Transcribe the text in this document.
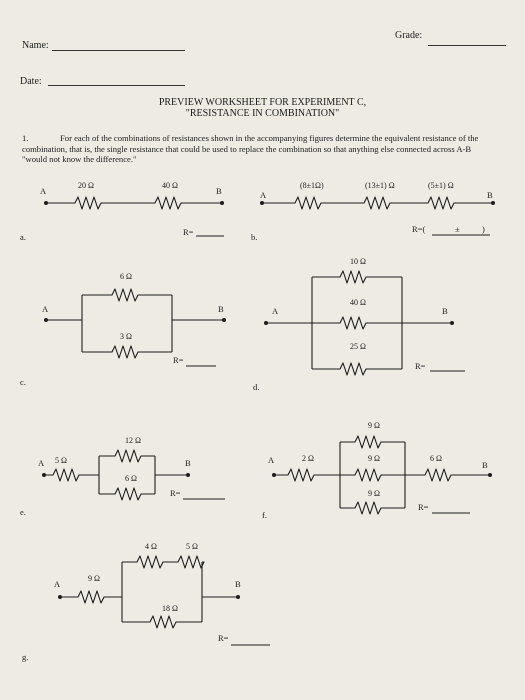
Grade:
Name:
Date:
PREVIEW WORKSHEET FOR EXPERIMENT C,
"RESISTANCE IN COMBINATION"
1.	For each of the combinations of resistances shown in the accompanying figures determine the equivalent resistance of the combination, that is, the single resistance that could be used to replace the combination so that anything else connected across A-B "would not know the difference."
A	B
20 Ω	40 Ω
R=
a.
A	B
(8±1Ω)	(13±1) Ω	(5±1) Ω
R=(	±	)
b.
6 Ω
3 Ω
A	B
R=
c.
10 Ω
40 Ω
25 Ω
A	B
R=
d.
5 Ω
12 Ω
6 Ω
A	B
R=
e.
2 Ω
9 Ω
9 Ω
9 Ω
6 Ω
A	B
R=
f.
9 Ω
4 Ω	5 Ω
18 Ω
A	B
R=
g.
